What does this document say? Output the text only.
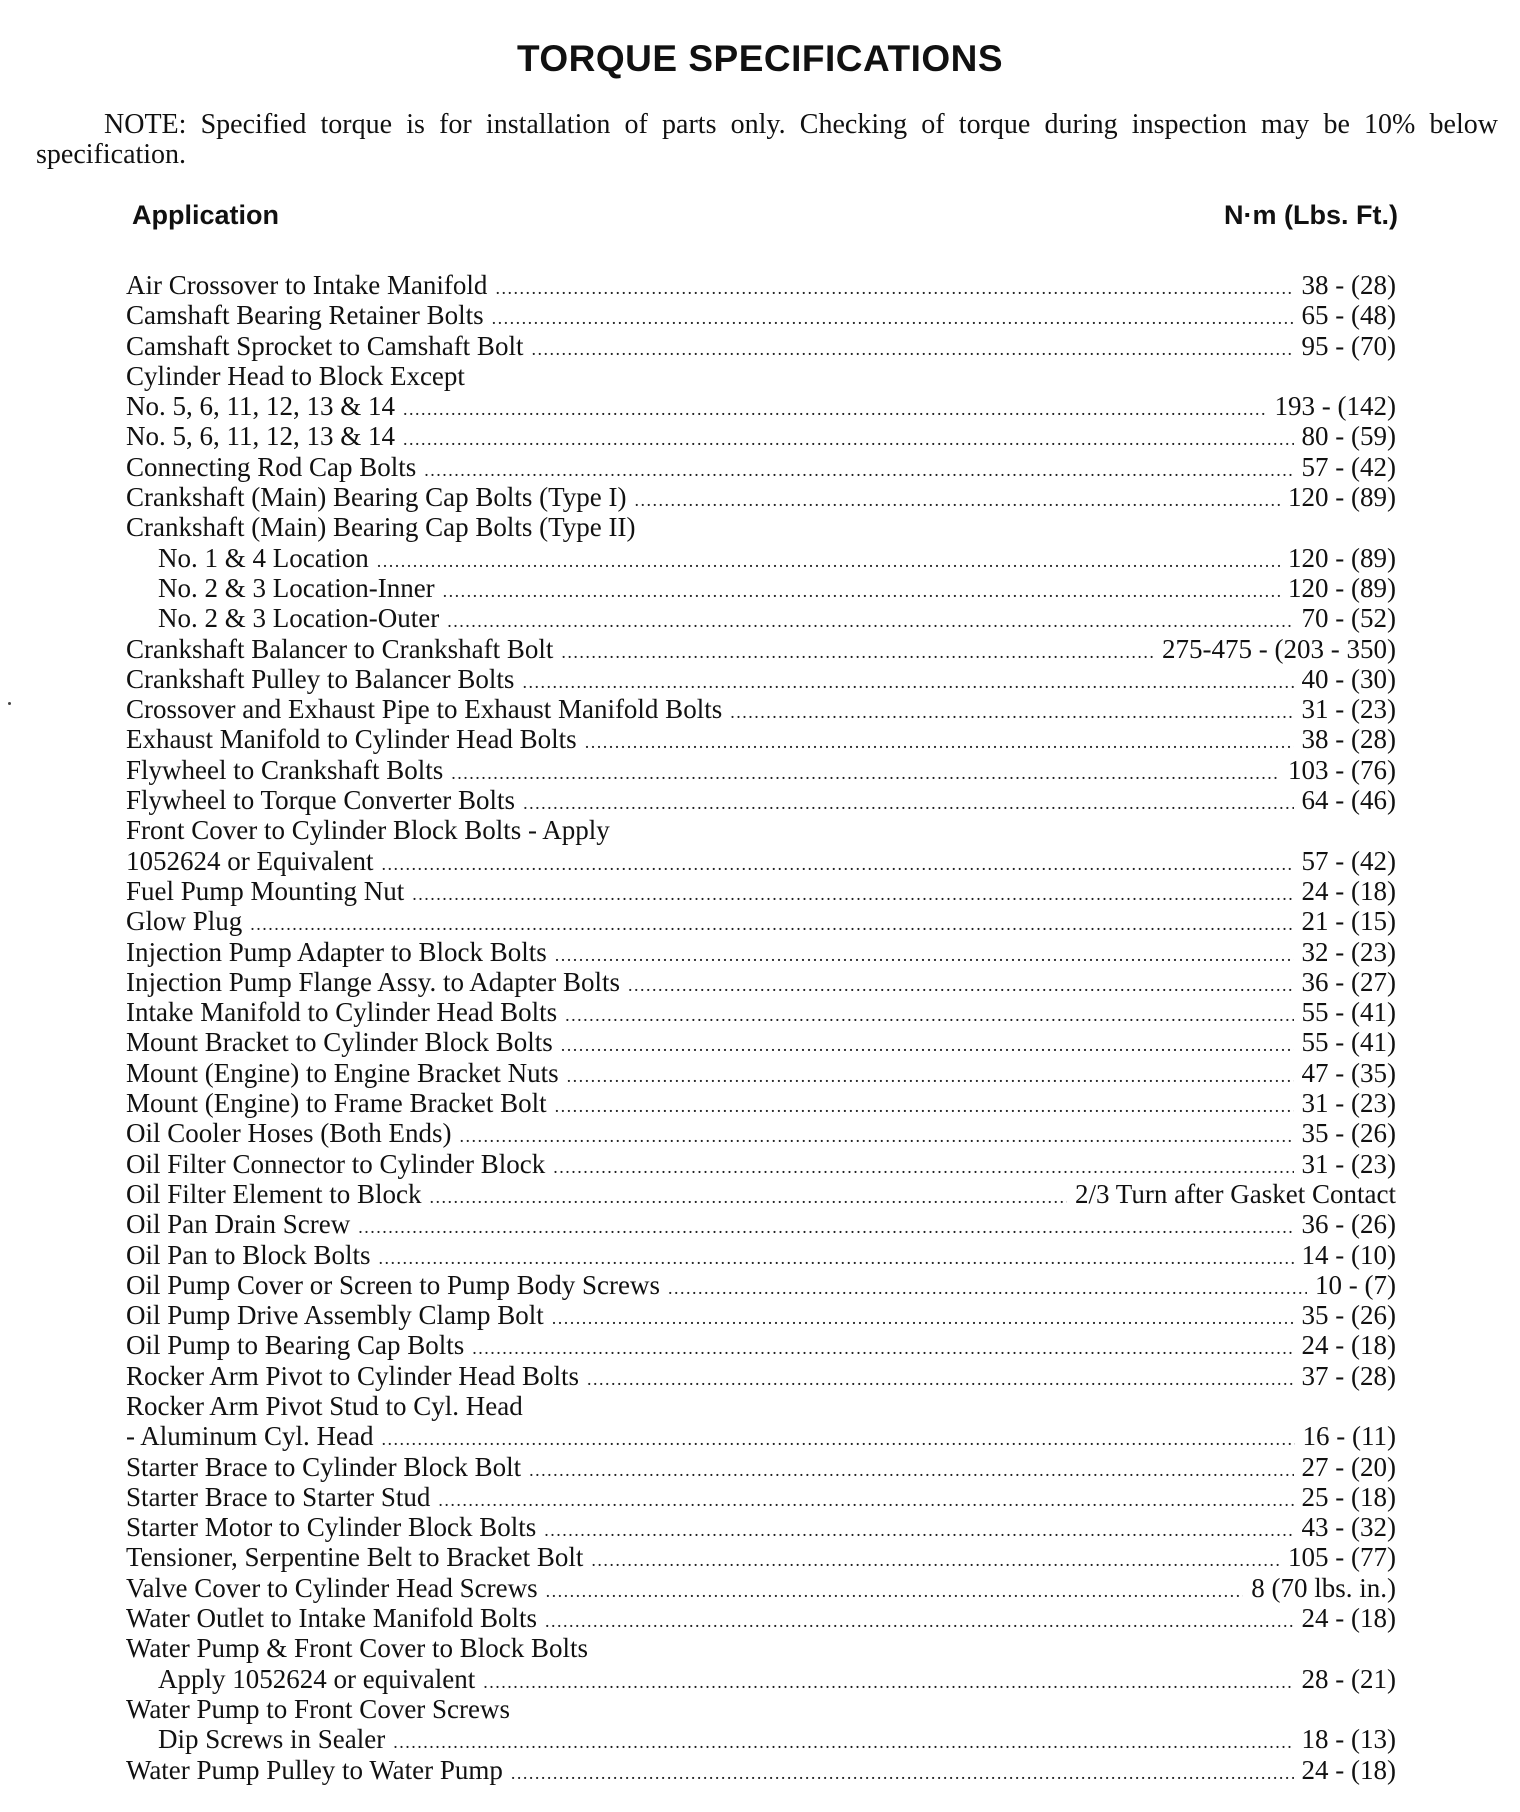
TORQUE SPECIFICATIONS
NOTE: Specified torque is for installation of parts only. Checking of torque during inspection may be 10% below specification.
Application	N·m (Lbs. Ft.)
Air Crossover to Intake Manifold . . .	38 - (28)
Camshaft Bearing Retainer Bolts . . .	65 - (48)
Camshaft Sprocket to Camshaft Bolt . . .	95 - (70)
Cylinder Head to Block Except
No. 5, 6, 11, 12, 13 & 14 . . .	193 - (142)
No. 5, 6, 11, 12, 13 & 14 . . .	80 - (59)
Connecting Rod Cap Bolts . . .	57 - (42)
Crankshaft (Main) Bearing Cap Bolts (Type I) . . .	120 - (89)
Crankshaft (Main) Bearing Cap Bolts (Type II)
No. 1 & 4 Location . . .	120 - (89)
No. 2 & 3 Location-Inner . . .	120 - (89)
No. 2 & 3 Location-Outer . . .	70 - (52)
Crankshaft Balancer to Crankshaft Bolt . . .	275-475 - (203 - 350)
Crankshaft Pulley to Balancer Bolts . . .	40 - (30)
Crossover and Exhaust Pipe to Exhaust Manifold Bolts . . .	31 - (23)
Exhaust Manifold to Cylinder Head Bolts . . .	38 - (28)
Flywheel to Crankshaft Bolts . . .	103 - (76)
Flywheel to Torque Converter Bolts . . .	64 - (46)
Front Cover to Cylinder Block Bolts - Apply
1052624 or Equivalent . . .	57 - (42)
Fuel Pump Mounting Nut . . .	24 - (18)
Glow Plug . . .	21 - (15)
Injection Pump Adapter to Block Bolts . . .	32 - (23)
Injection Pump Flange Assy. to Adapter Bolts . . .	36 - (27)
Intake Manifold to Cylinder Head Bolts . . .	55 - (41)
Mount Bracket to Cylinder Block Bolts . . .	55 - (41)
Mount (Engine) to Engine Bracket Nuts . . .	47 - (35)
Mount (Engine) to Frame Bracket Bolt . . .	31 - (23)
Oil Cooler Hoses (Both Ends) . . .	35 - (26)
Oil Filter Connector to Cylinder Block . . .	31 - (23)
Oil Filter Element to Block . . .	2/3 Turn after Gasket Contact
Oil Pan Drain Screw . . .	36 - (26)
Oil Pan to Block Bolts . . .	14 - (10)
Oil Pump Cover or Screen to Pump Body Screws . . .	10 - (7)
Oil Pump Drive Assembly Clamp Bolt . . .	35 - (26)
Oil Pump to Bearing Cap Bolts . . .	24 - (18)
Rocker Arm Pivot to Cylinder Head Bolts . . .	37 - (28)
Rocker Arm Pivot Stud to Cyl. Head
- Aluminum Cyl. Head . . .	16 - (11)
Starter Brace to Cylinder Block Bolt . . .	27 - (20)
Starter Brace to Starter Stud . . .	25 - (18)
Starter Motor to Cylinder Block Bolts . . .	43 - (32)
Tensioner, Serpentine Belt to Bracket Bolt . . .	105 - (77)
Valve Cover to Cylinder Head Screws . . .	8 (70 lbs. in.)
Water Outlet to Intake Manifold Bolts . . .	24 - (18)
Water Pump & Front Cover to Block Bolts
Apply 1052624 or equivalent . . .	28 - (21)
Water Pump to Front Cover Screws
Dip Screws in Sealer . . .	18 - (13)
Water Pump Pulley to Water Pump . . .	24 - (18)
